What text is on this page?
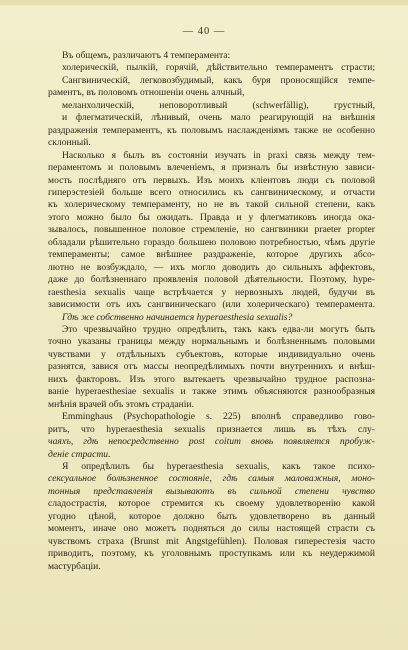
— 40 —
Въ общемъ, различаютъ 4 темперамента:
холерическій, пылкій, горячій, дѣйствительно темпераментъ страсти;
Сангвиническій, легковозбудимый, какъ буря проносящійся темпе-
раментъ, въ половомъ отношеніи очень алчный,
меланхолическій, неповоротливый (schwerfällig), грустный,
и флегматическій, лѣнивый, очень мало реагирующій на внѣшнія
раздраженія темпераментъ, къ половымъ наслажденіямъ также не особенно
склонный.
Насколько я былъ въ состояніи изучать in praxi связь между тем-
пераментомъ и половымъ влеченіемъ, я призналъ бы извѣстную зависи-
мость послѣдняго отъ первыхъ. Изъ моихъ кліентовъ люди съ половой
гиперэстезіей больше всего относились къ сангвиническому, и отчасти
къ холерическому темпераменту, но не въ такой сильной степени, какъ
этого можно было бы ожидать. Правда и у флегматиковъ иногда ока-
зывалось, повышенное половое стремленіе, но сангвиники praeter propter
обладали рѣшительно гораздо большею половою потребностью, чѣмъ другіе
темпераменты; самое внѣшнее раздраженіе, которое другихъ абсо-
лютно не возбуждало, — ихъ могло доводить до сильныхъ аффектовъ,
даже до болѣзненнаго проявленія половой дѣятельности. Поэтому, hype-
raesthesia sexualis чаще встрѣчается у нервозныхъ людей, будучи въ
зависимости отъ ихъ сангвиническаго (или холерическаго) темперамента.
Гдѣ же собственно начинается hyperaesthesia sexualis?
Это чрезвычайно трудно опредѣлить, такъ какъ едва-ли могутъ быть
точно указаны границы между нормальнымъ и болѣзненнымъ половыми
чувствами у отдѣльныхъ субъектовъ, которые индивидуально очень
разнятся, завися отъ массы неопредѣлимыхъ почти внутреннихъ и внѣш-
нихъ факторовъ. Изъ этого вытекаетъ чрезвычайно трудное распозна-
ваніе hyperaesthesiae sexualis и также этимъ объясняются разнообразныя
мнѣнія врачей объ этомъ страданіи.
Emminghaus (Psychopathologie s. 225) вполнѣ справедливо гово-
ритъ, что hyperaesthesia sexualis признается лишь въ тѣхъ слу-
чаяхъ, гдѣ непосредственно post coitum вновь появляется пробуж-
деніе страсти.
Я опредѣлилъ бы hyperaesthesia sexualis, какъ такое психо-
сексуальное болѣзненное состояніе, гдѣ самыя маловажныя, моно-
тонныя представленія вызываютъ въ сильной степени чувство
сладострастія, которое стремится къ своему удовлетворенію какой
угодно цѣной, которое должно быть удовлетворено въ данный
моментъ, иначе оно можетъ подняться до силы настоящей страсти съ
чувствомъ страха (Brunst mit Angstgefühlen). Половая гиперестезія часто
приводитъ, поэтому, къ уголовнымъ проступкамъ или къ неудержимой
мастурбаціи.
